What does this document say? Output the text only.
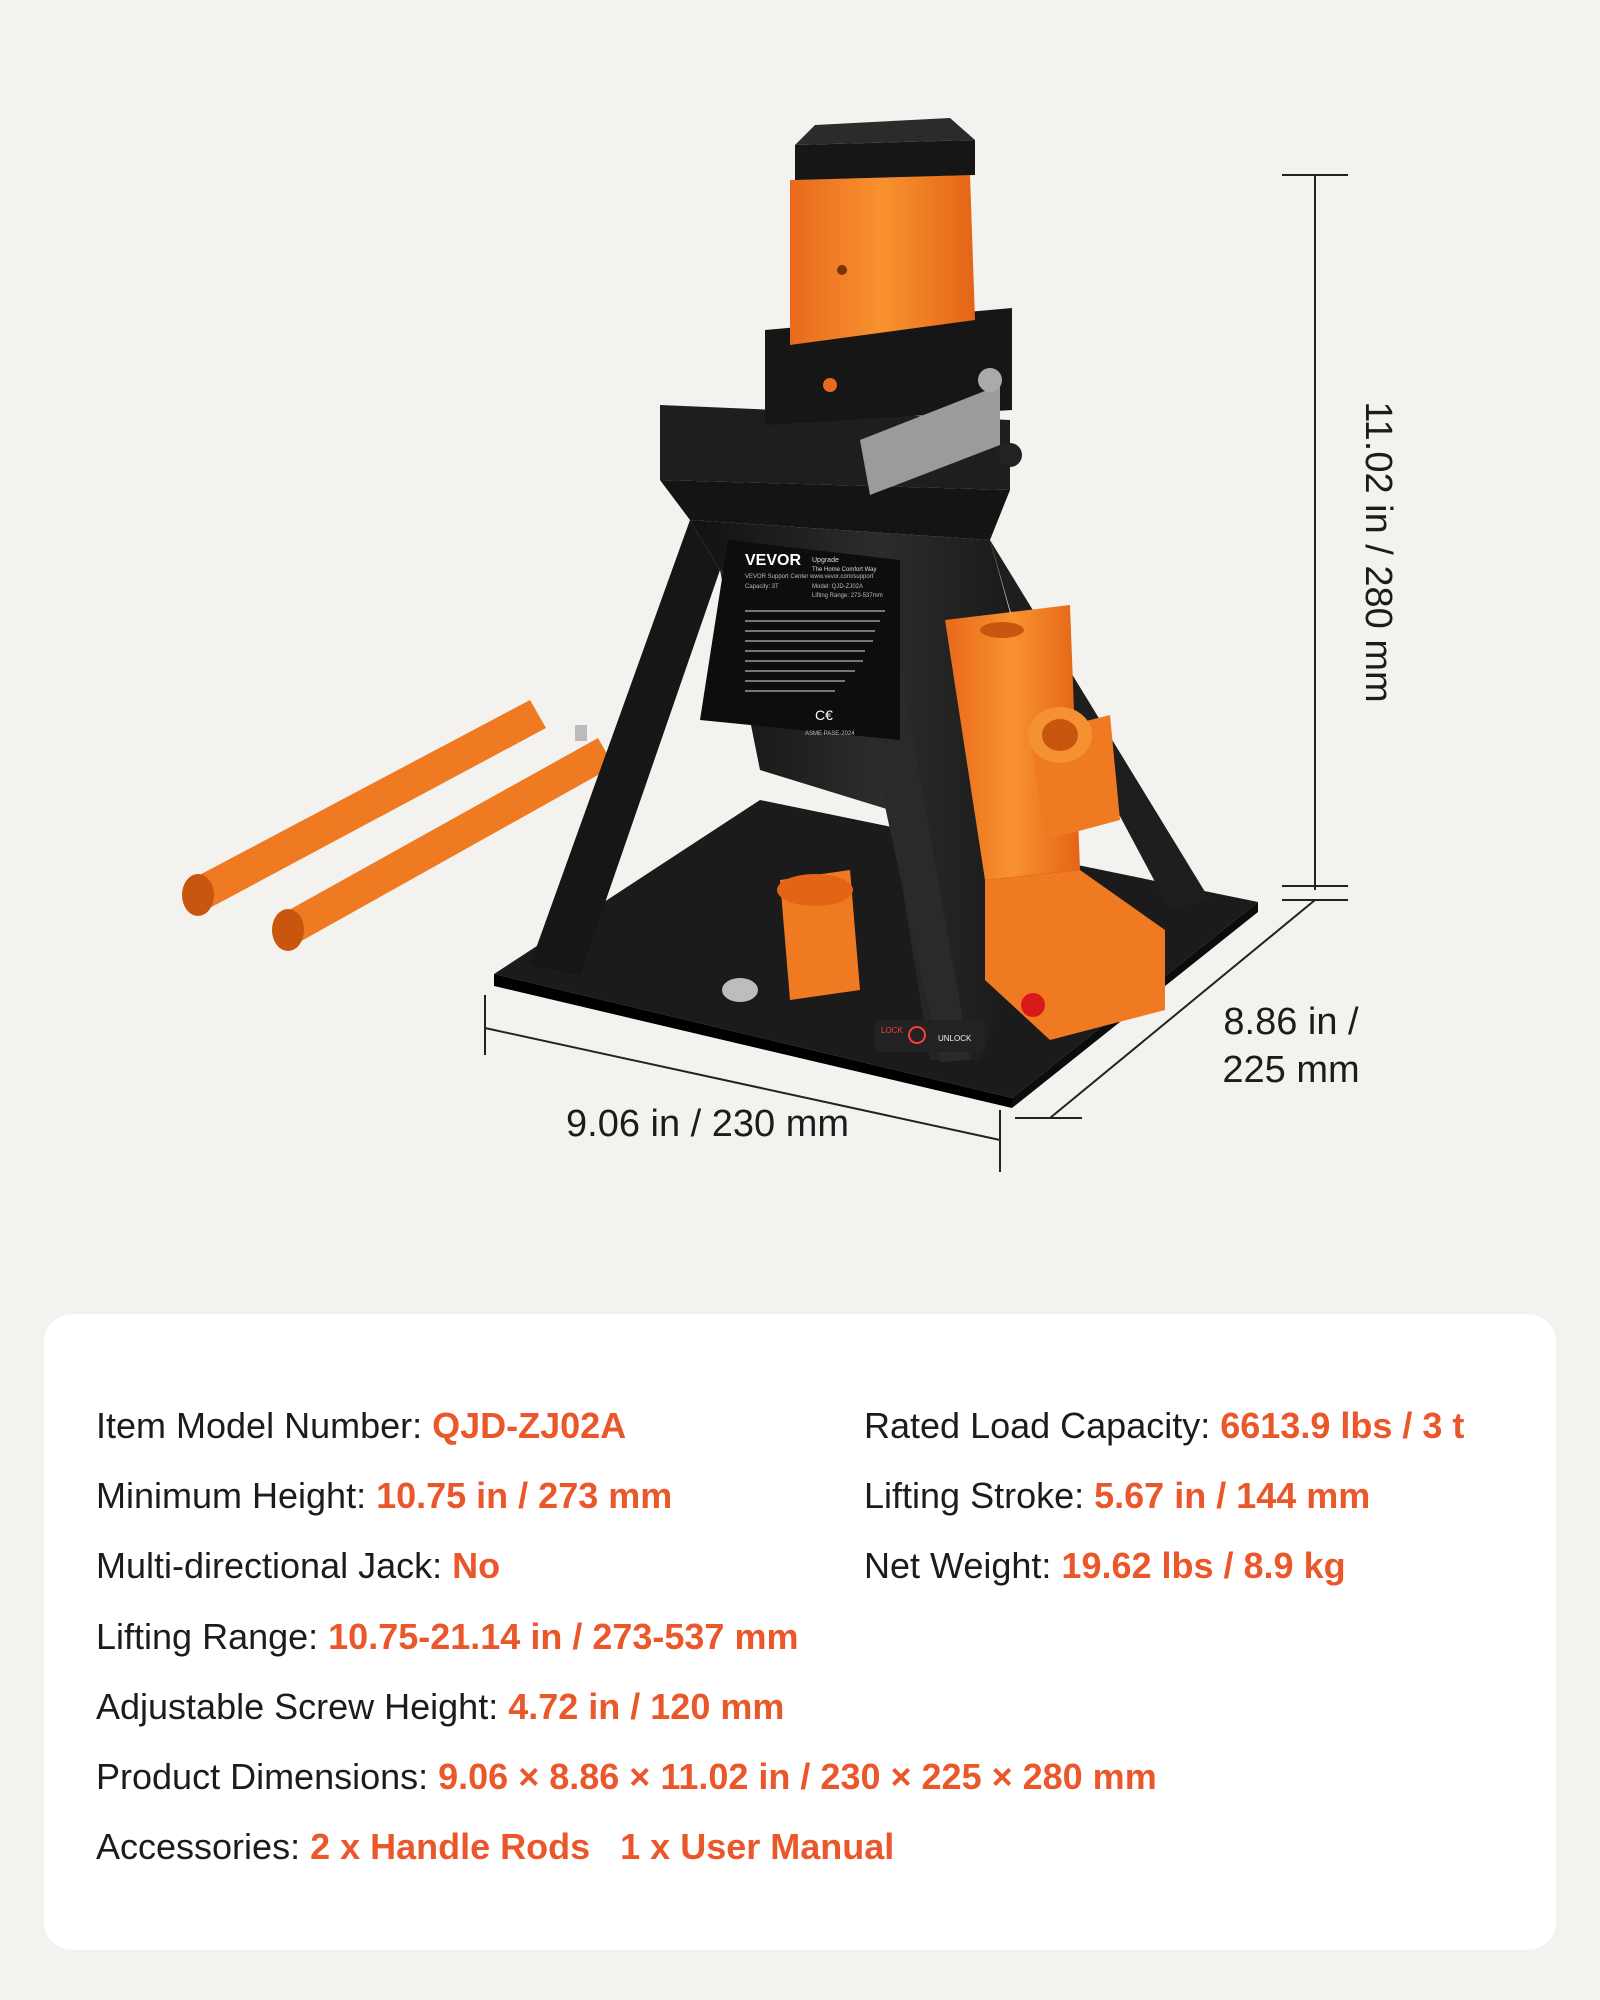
VEVOR Upgrade
The Home Comfort Way
VEVOR Support Center www.vevor.com/support
Model: QJD-ZJ02A
Capacity: 3T
Lifting Range: 273-537mm
C€
ASME PASE-2024
LOCK
UNLOCK
9.06 in / 230 mm
8.86 in /
225 mm
11.02 in / 280 mm
Item Model Number: QJD-ZJ02A	Rated Load Capacity: 6613.9 lbs / 3 t
Minimum Height: 10.75 in / 273 mm	Lifting Stroke: 5.67 in / 144 mm
Multi-directional Jack: No	Net Weight: 19.62 lbs / 8.9 kg
Lifting Range: 10.75-21.14 in / 273-537 mm
Adjustable Screw Height: 4.72 in / 120 mm
Product Dimensions: 9.06 × 8.86 × 11.02 in / 230 × 225 × 280 mm
Accessories: 2 x Handle Rods   1 x User Manual
